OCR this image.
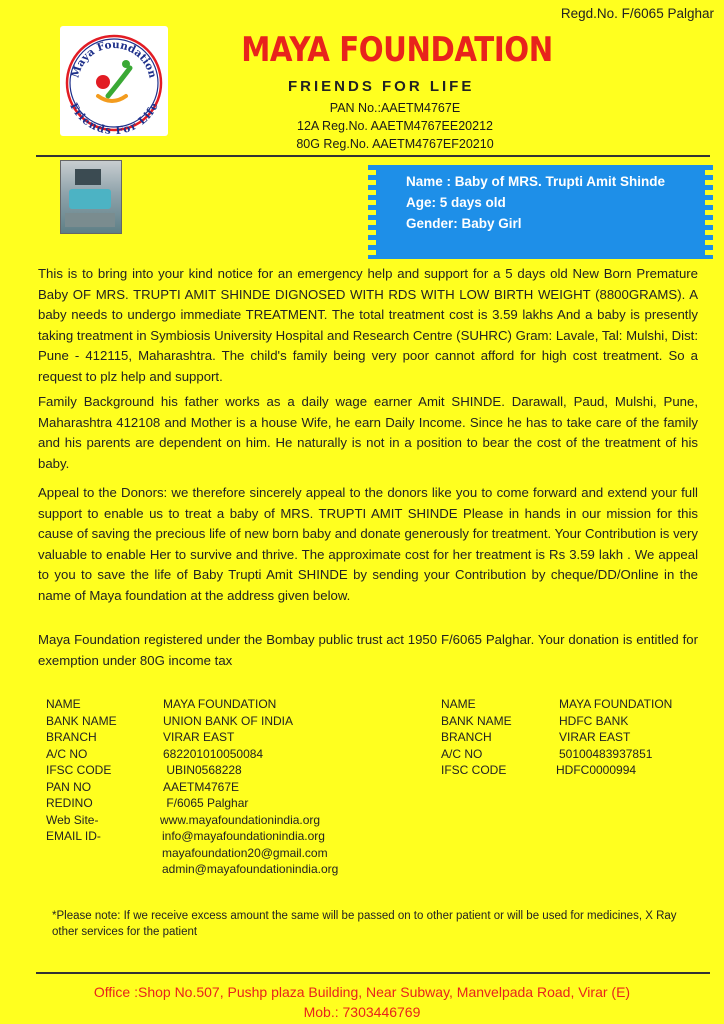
Regd.No. F/6065 Palghar
Maya Foundation
Friends For Life
MAYA FOUNDATION
FRIENDS FOR LIFE
PAN No.:AAETM4767E
12A Reg.No. AAETM4767EE20212
80G Reg.No. AAETM4767EF20210
Name : Baby of MRS. Trupti Amit Shinde
Age: 5 days old
Gender: Baby Girl
This is to bring into your kind notice for an emergency help and support for a 5 days old New Born Premature Baby OF MRS. TRUPTI AMIT SHINDE DIGNOSED WITH RDS WITH LOW BIRTH WEIGHT (8800GRAMS). A baby needs to undergo immediate TREATMENT. The total treatment cost is 3.59 lakhs And a baby is presently taking treatment in Symbiosis University Hospital and Research Centre (SUHRC) Gram: Lavale, Tal: Mulshi, Dist: Pune - 412115, Maharashtra. The child's family being very poor cannot afford for high cost treatment. So a request to plz help and support.
Family Background his father works as a daily wage earner Amit SHINDE. Darawall, Paud, Mulshi, Pune, Maharashtra 412108 and Mother is a house Wife, he earn Daily Income. Since he has to take care of the family and his parents are dependent on him. He naturally is not in a position to bear the cost of the treatment of his baby.
Appeal to the Donors: we therefore sincerely appeal to the donors like you to come forward and extend your full support to enable us to treat a baby of MRS. TRUPTI AMIT SHINDE Please in hands in our mission for this cause of saving the precious life of new born baby and donate generously for treatment. Your Contribution is very valuable to enable Her to survive and thrive. The approximate cost for her treatment is Rs 3.59 lakh . We appeal to you to save the life of Baby Trupti Amit SHINDE by sending your Contribution by cheque/DD/Online in the name of Maya foundation at the address given below.
Maya Foundation registered under the Bombay public trust act 1950 F/6065 Palghar. Your donation is entitled for exemption under 80G income tax
NAME	MAYA FOUNDATION
BANK NAME	UNION BANK OF INDIA
BRANCH	VIRAR EAST
A/C NO	682201010050084
IFSC CODE	UBIN0568228
PAN NO	AAETM4767E
REDINO	F/6065 Palghar
Web Site-	www.mayafoundationindia.org
EMAIL ID-	info@mayafoundationindia.org
mayafoundation20@gmail.com
admin@mayafoundationindia.org
NAME	MAYA FOUNDATION
BANK NAME	HDFC BANK
BRANCH	VIRAR EAST
A/C NO	50100483937851
IFSC CODE	HDFC0000994
*Please note: If we receive excess amount the same will be passed on to other patient or will be used for medicines, X Ray other services for the patient
Office :Shop No.507, Pushp plaza Building, Near Subway, Manvelpada Road, Virar (E)
Mob.: 7303446769
